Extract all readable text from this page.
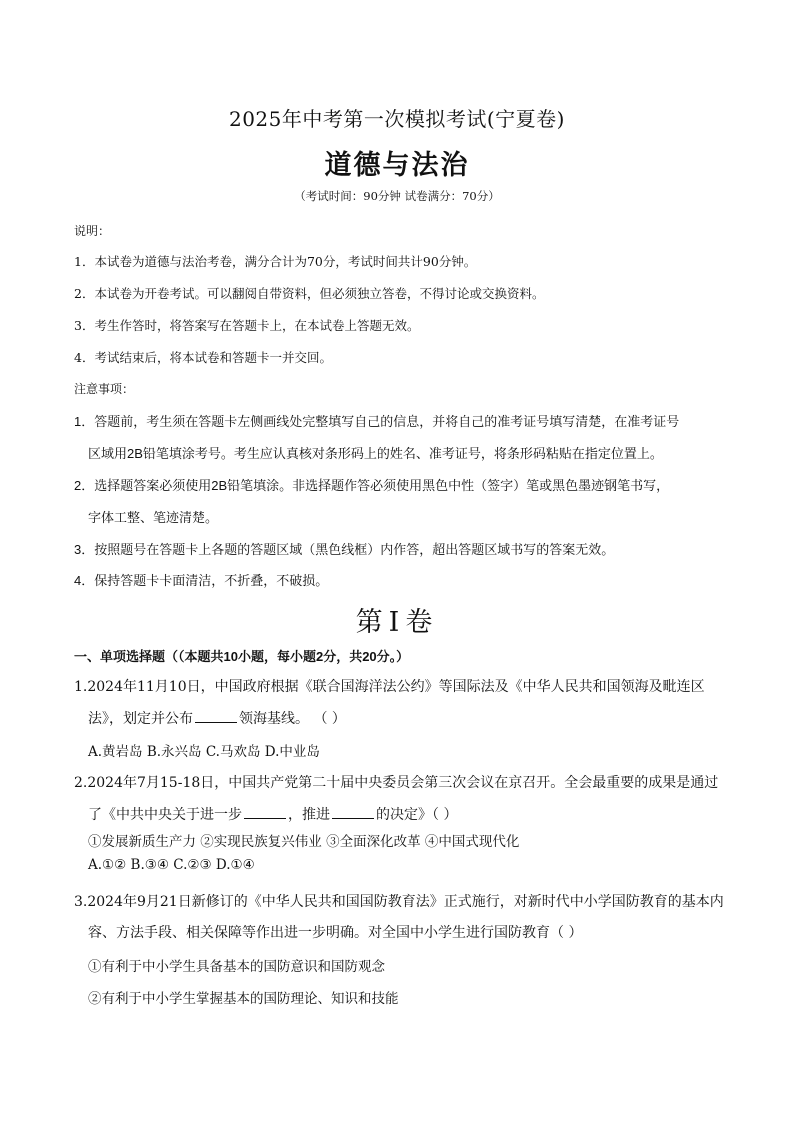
2025年中考第一次模拟考试(宁夏卷)
道德与法治
（考试时间：90分钟 试卷满分：70分）
说明：
1．本试卷为道德与法治考卷，满分合计为70分，考试时间共计90分钟。
2．本试卷为开卷考试。可以翻阅自带资料，但必须独立答卷，不得讨论或交换资料。
3．考生作答时，将答案写在答题卡上，在本试卷上答题无效。
4．考试结束后，将本试卷和答题卡一并交回。
注意事项：
1．答题前，考生须在答题卡左侧画线处完整填写自己的信息，并将自己的准考证号填写清楚，在准考证号
区域用2B铅笔填涂考号。考生应认真核对条形码上的姓名、准考证号，将条形码粘贴在指定位置上。
2．选择题答案必须使用2B铅笔填涂。非选择题作答必须使用黑色中性（签字）笔或黑色墨迹钢笔书写，
字体工整、笔迹清楚。
3．按照题号在答题卡上各题的答题区域（黑色线框）内作答，超出答题区域书写的答案无效。
4．保持答题卡卡面清洁，不折叠，不破损。
第Ⅰ卷
一、单项选择题（（本题共10小题，每小题2分，共20分。）
1.2024年11月10日，中国政府根据《联合国海洋法公约》等国际法及《中华人民共和国领海及毗连区
法》，划定并公布	领海基线。 （ ）
A.黄岩岛 B.永兴岛 C.马欢岛 D.中业岛
2.2024年7月15-18日，中国共产党第二十届中央委员会第三次会议在京召开。全会最重要的成果是通过
了《中共中央关于进一步	，推进	的决定》（ ）
①发展新质生产力 ②实现民族复兴伟业 ③全面深化改革 ④中国式现代化
A.①② B.③④ C.②③ D.①④
3.2024年9月21日新修订的《中华人民共和国国防教育法》正式施行，对新时代中小学国防教育的基本内
容、方法手段、相关保障等作出进一步明确。对全国中小学生进行国防教育（ ）
①有利于中小学生具备基本的国防意识和国防观念
②有利于中小学生掌握基本的国防理论、知识和技能
